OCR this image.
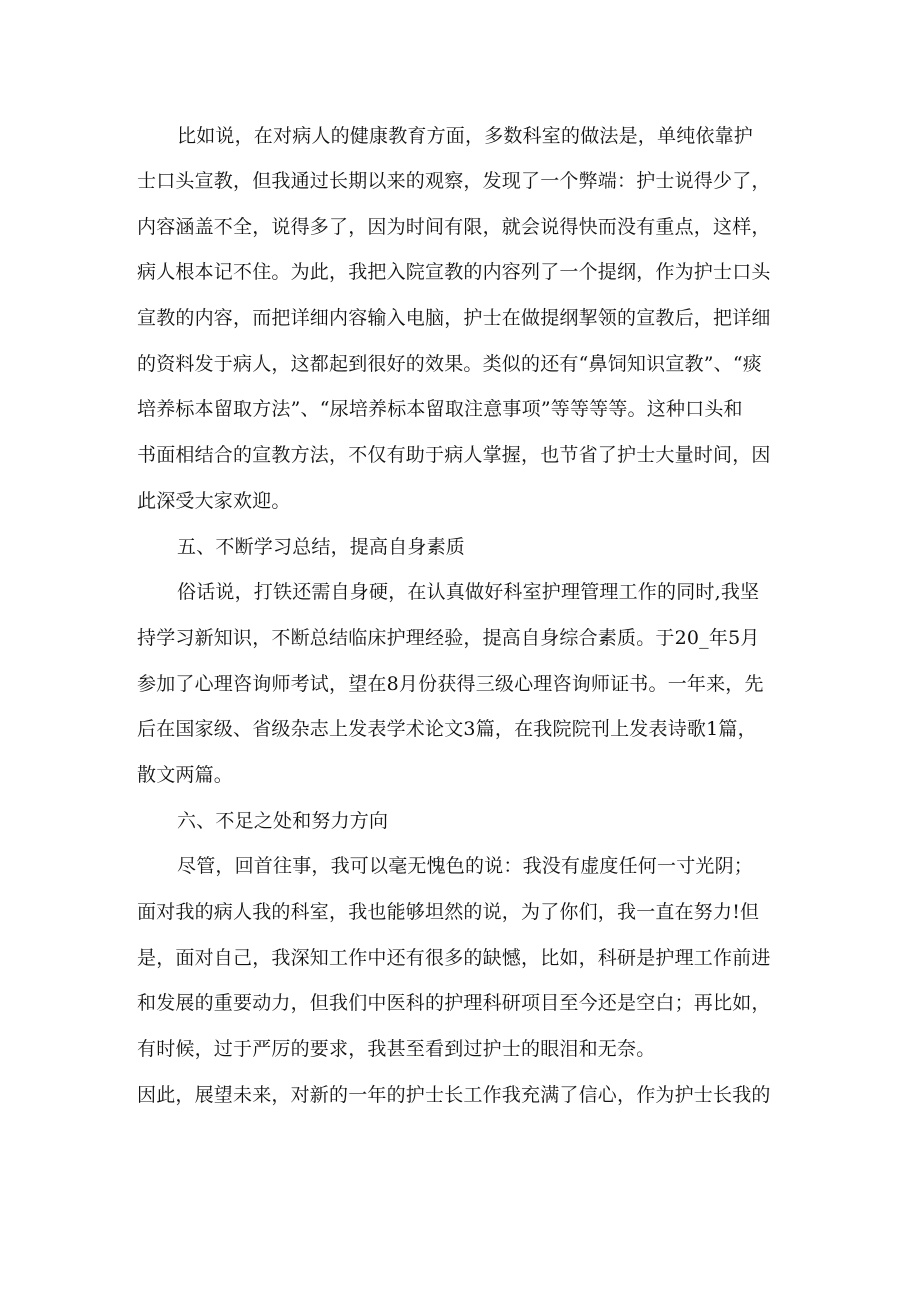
比如说，在对病人的健康教育方面，多数科室的做法是，单纯依靠护
士口头宣教，但我通过长期以来的观察，发现了一个弊端：护士说得少了，
内容涵盖不全，说得多了，因为时间有限，就会说得快而没有重点，这样，
病人根本记不住。为此，我把入院宣教的内容列了一个提纲，作为护士口头
宣教的内容，而把详细内容输入电脑，护士在做提纲挈领的宣教后，把详细
的资料发于病人，这都起到很好的效果。类似的还有“鼻饲知识宣教”、“痰
培养标本留取方法”、“尿培养标本留取注意事项”等等等等。这种口头和
书面相结合的宣教方法，不仅有助于病人掌握，也节省了护士大量时间，因
此深受大家欢迎。
五、不断学习总结，提高自身素质
俗话说，打铁还需自身硬，在认真做好科室护理管理工作的同时,我坚
持学习新知识，不断总结临床护理经验，提高自身综合素质。于20_年5月
参加了心理咨询师考试，望在8月份获得三级心理咨询师证书。一年来，先
后在国家级、省级杂志上发表学术论文3篇，在我院院刊上发表诗歌1篇，
散文两篇。
六、不足之处和努力方向
尽管，回首往事，我可以毫无愧色的说：我没有虚度任何一寸光阴；
面对我的病人我的科室，我也能够坦然的说，为了你们，我一直在努力!但
是，面对自己，我深知工作中还有很多的缺憾，比如，科研是护理工作前进
和发展的重要动力，但我们中医科的护理科研项目至今还是空白；再比如，
有时候，过于严厉的要求，我甚至看到过护士的眼泪和无奈。
因此，展望未来，对新的一年的护士长工作我充满了信心，作为护士长我的
